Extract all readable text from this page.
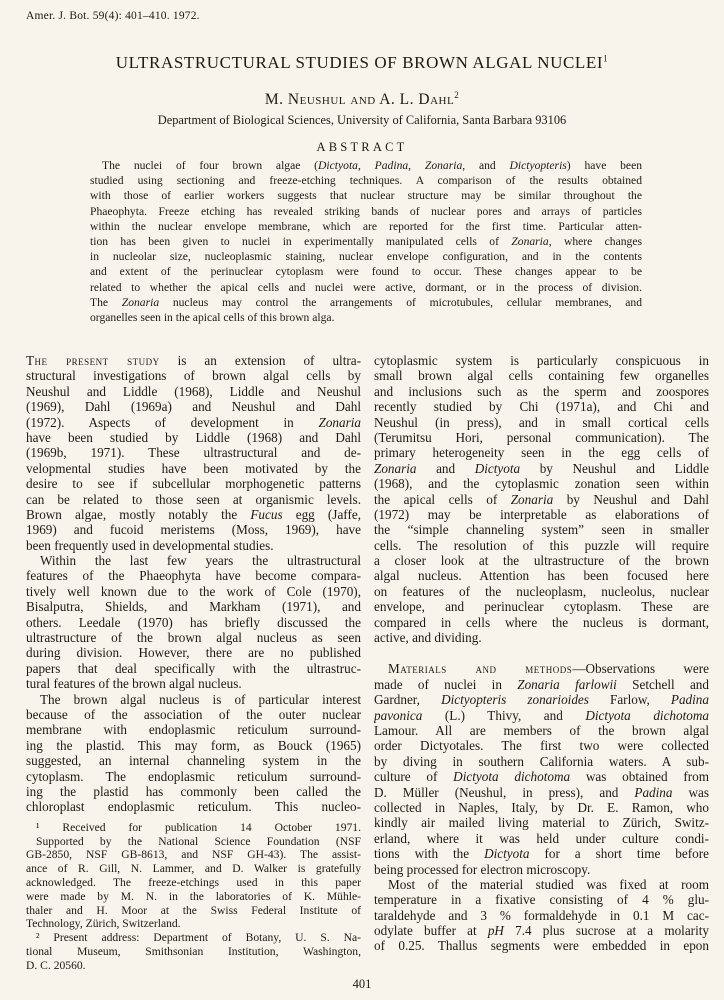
Amer. J. Bot. 59(4): 401–410. 1972.
ULTRASTRUCTURAL STUDIES OF BROWN ALGAL NUCLEI$^1$
M. Neushul and A. L. Dahl$^2$
Department of Biological Sciences, University of California, Santa Barbara 93106
ABSTRACT
The nuclei of four brown algae (Dictyota, Padina, Zonaria, and Dictyopteris) have been
studied using sectioning and freeze-etching techniques. A comparison of the results obtained
with those of earlier workers suggests that nuclear structure may be similar throughout the
Phaeophyta. Freeze etching has revealed striking bands of nuclear pores and arrays of particles
within the nuclear envelope membrane, which are reported for the first time. Particular atten-
tion has been given to nuclei in experimentally manipulated cells of Zonaria, where changes
in nucleolar size, nucleoplasmic staining, nuclear envelope configuration, and in the contents
and extent of the perinuclear cytoplasm were found to occur. These changes appear to be
related to whether the apical cells and nuclei were active, dormant, or in the process of division.
The Zonaria nucleus may control the arrangements of microtubules, cellular membranes, and
organelles seen in the apical cells of this brown alga.
The present study is an extension of ultra-
structural investigations of brown algal cells by
Neushul and Liddle (1968), Liddle and Neushul
(1969), Dahl (1969a) and Neushul and Dahl
(1972). Aspects of development in Zonaria
have been studied by Liddle (1968) and Dahl
(1969b, 1971). These ultrastructural and de-
velopmental studies have been motivated by the
desire to see if subcellular morphogenetic patterns
can be related to those seen at organismic levels.
Brown algae, mostly notably the Fucus egg (Jaffe,
1969) and fucoid meristems (Moss, 1969), have
been frequently used in developmental studies.
Within the last few years the ultrastructural
features of the Phaeophyta have become compara-
tively well known due to the work of Cole (1970),
Bisalputra, Shields, and Markham (1971), and
others. Leedale (1970) has briefly discussed the
ultrastructure of the brown algal nucleus as seen
during division. However, there are no published
papers that deal specifically with the ultrastruc-
tural features of the brown algal nucleus.
The brown algal nucleus is of particular interest
because of the association of the outer nuclear
membrane with endoplasmic reticulum surround-
ing the plastid. This may form, as Bouck (1965)
suggested, an internal channeling system in the
cytoplasm. The endoplasmic reticulum surround-
ing the plastid has commonly been called the
chloroplast endoplasmic reticulum. This nucleo-
¹ Received for publication 14 October 1971.
Supported by the National Science Foundation (NSF
GB-2850, NSF GB-8613, and NSF GH-43). The assist-
ance of R. Gill, N. Lammer, and D. Walker is gratefully
acknowledged. The freeze-etchings used in this paper
were made by M. N. in the laboratories of K. Mühle-
thaler and H. Moor at the Swiss Federal Institute of
Technology, Zürich, Switzerland.
² Present address: Department of Botany, U. S. Na-
tional Museum, Smithsonian Institution, Washington,
D. C. 20560.
cytoplasmic system is particularly conspicuous in
small brown algal cells containing few organelles
and inclusions such as the sperm and zoospores
recently studied by Chi (1971a), and Chi and
Neushul (in press), and in small cortical cells
(Terumitsu Hori, personal communication). The
primary heterogeneity seen in the egg cells of
Zonaria and Dictyota by Neushul and Liddle
(1968), and the cytoplasmic zonation seen within
the apical cells of Zonaria by Neushul and Dahl
(1972) may be interpretable as elaborations of
the “simple channeling system” seen in smaller
cells. The resolution of this puzzle will require
a closer look at the ultrastructure of the brown
algal nucleus. Attention has been focused here
on features of the nucleoplasm, nucleolus, nuclear
envelope, and perinuclear cytoplasm. These are
compared in cells where the nucleus is dormant,
active, and dividing.
Materials and methods—Observations were
made of nuclei in Zonaria farlowii Setchell and
Gardner, Dictyopteris zonarioides Farlow, Padina
pavonica (L.) Thivy, and Dictyota dichotoma
Lamour. All are members of the brown algal
order Dictyotales. The first two were collected
by diving in southern California waters. A sub-
culture of Dictyota dichotoma was obtained from
D. Müller (Neushul, in press), and Padina was
collected in Naples, Italy, by Dr. E. Ramon, who
kindly air mailed living material to Zürich, Switz-
erland, where it was held under culture condi-
tions with the Dictyota for a short time before
being processed for electron microscopy.
Most of the material studied was fixed at room
temperature in a fixative consisting of 4 % glu-
taraldehyde and 3 % formaldehyde in 0.1 M cac-
odylate buffer at pH 7.4 plus sucrose at a molarity
of 0.25. Thallus segments were embedded in epon
401
